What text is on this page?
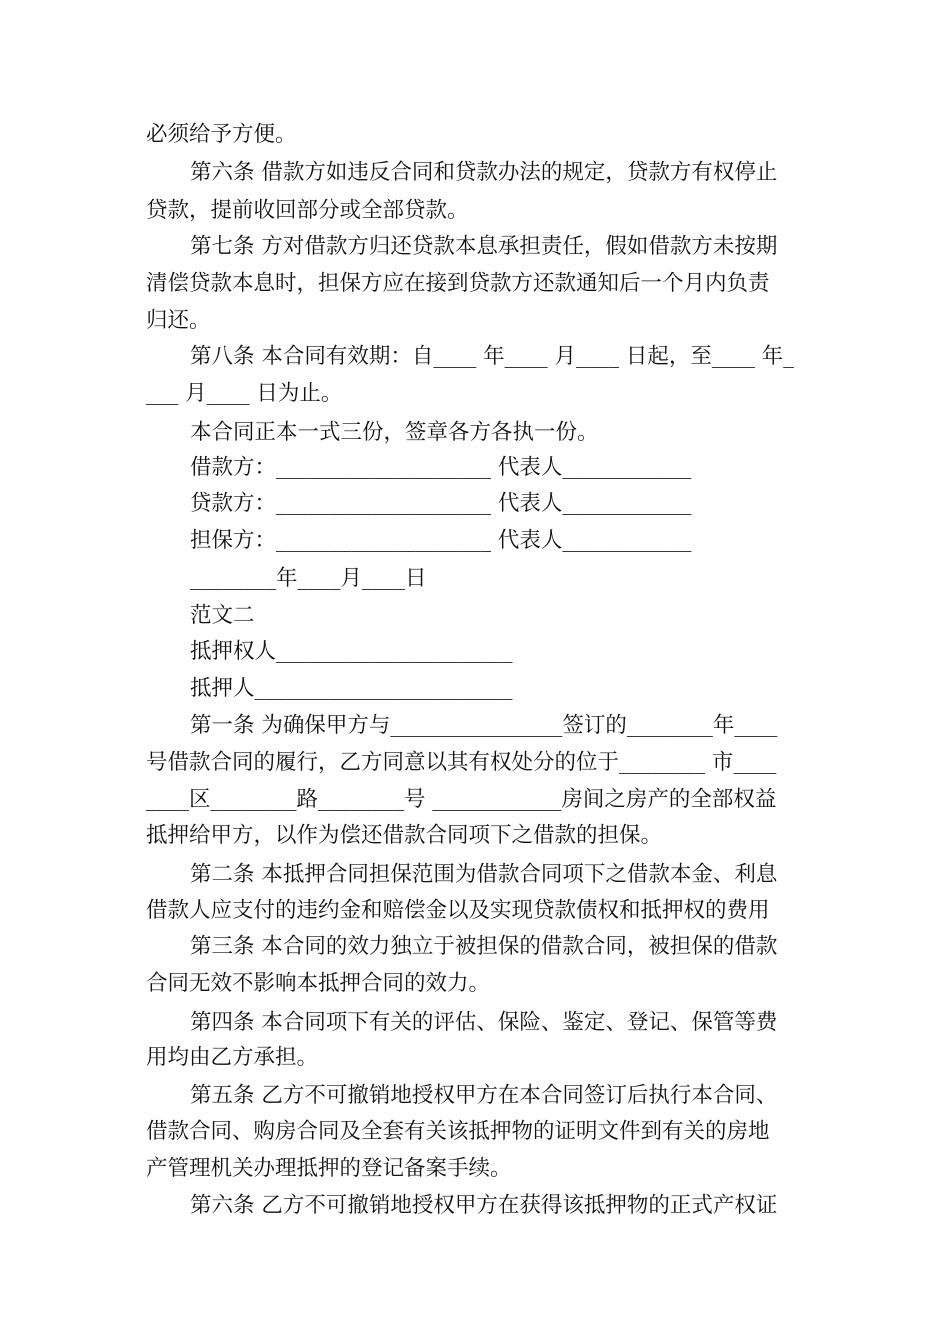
必须给予方便。
第六条 借款方如违反合同和贷款办法的规定，贷款方有权停止
贷款，提前收回部分或全部贷款。
第七条 方对借款方归还贷款本息承担责任，假如借款方未按期
清偿贷款本息时，担保方应在接到贷款方还款通知后一个月内负责
归还。
第八条 本合同有效期：自____ 年____ 月____ 日起，至____ 年_
___ 月____ 日为止。
本合同正本一式三份，签章各方各执一份。
借款方：____________________ 代表人____________
贷款方：____________________ 代表人____________
担保方：____________________ 代表人____________
________年____月____日
范文二
抵押权人______________________
抵押人________________________
第一条 为确保甲方与________________签订的________年____
号借款合同的履行，乙方同意以其有权处分的位于________ 市____
____区________路________号 ____________房间之房产的全部权益
抵押给甲方，以作为偿还借款合同项下之借款的担保。
第二条 本抵押合同担保范围为借款合同项下之借款本金、利息
借款人应支付的违约金和赔偿金以及实现贷款债权和抵押权的费用
第三条 本合同的效力独立于被担保的借款合同，被担保的借款
合同无效不影响本抵押合同的效力。
第四条 本合同项下有关的评估、保险、鉴定、登记、保管等费
用均由乙方承担。
第五条 乙方不可撤销地授权甲方在本合同签订后执行本合同、
借款合同、购房合同及全套有关该抵押物的证明文件到有关的房地
产管理机关办理抵押的登记备案手续。
第六条 乙方不可撤销地授权甲方在获得该抵押物的正式产权证
